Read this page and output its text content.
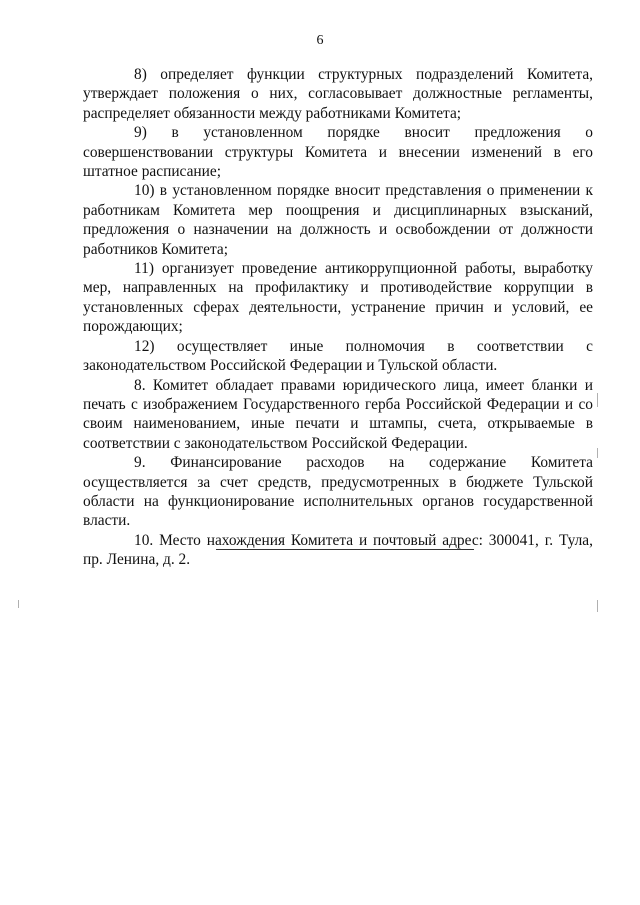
6

8) определяет функции структурных подразделений Комитета, утверждает положения о них, согласовывает должностные регламенты, распределяет обязанности между работниками Комитета;

9) в установленном порядке вносит предложения о совершенствовании структуры Комитета и внесении изменений в его штатное расписание;

10) в установленном порядке вносит представления о применении к работникам Комитета мер поощрения и дисциплинарных взысканий, предложения о назначении на должность и освобождении от должности работников Комитета;

11) организует проведение антикоррупционной работы, выработку мер, направленных на профилактику и противодействие коррупции в установленных сферах деятельности, устранение причин и условий, ее порождающих;

12) осуществляет иные полномочия в соответствии с законодательством Российской Федерации и Тульской области.

8. Комитет обладает правами юридического лица, имеет бланки и печать с изображением Государственного герба Российской Федерации и со своим наименованием, иные печати и штампы, счета, открываемые в соответствии с законодательством Российской Федерации.

9. Финансирование расходов на содержание Комитета осуществляется за счет средств, предусмотренных в бюджете Тульской области на функционирование исполнительных органов государственной власти.

10. Место нахождения Комитета и почтовый адрес: 300041, г. Тула, пр. Ленина, д. 2.
